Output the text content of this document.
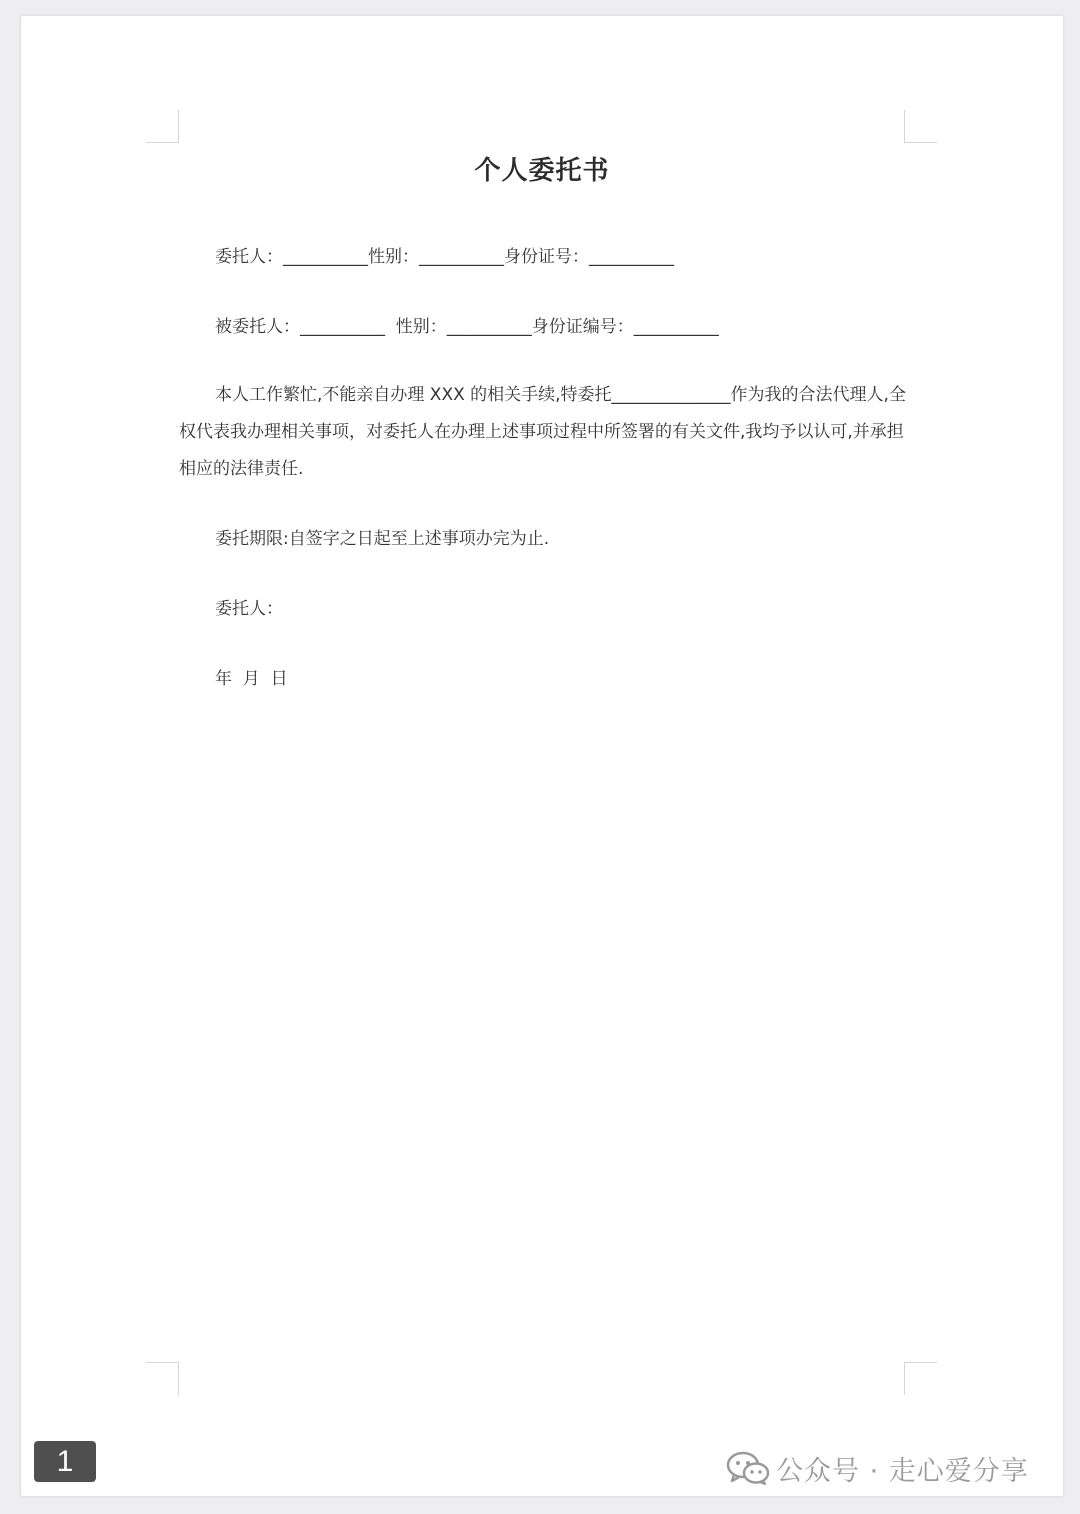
个人委托书
委托人：__________性别：__________身份证号：__________
被委托人：__________  性别：__________身份证编号：__________
本人工作繁忙,不能亲自办理 XXX 的相关手续,特委托______________作为我的合法代理人,全权代表我办理相关事项，对委托人在办理上述事项过程中所签署的有关文件,我均予以认可,并承担相应的法律责任.
委托期限:自签字之日起至上述事项办完为止.
委托人：
年  月  日
1	公众号 · 走心爱分享
